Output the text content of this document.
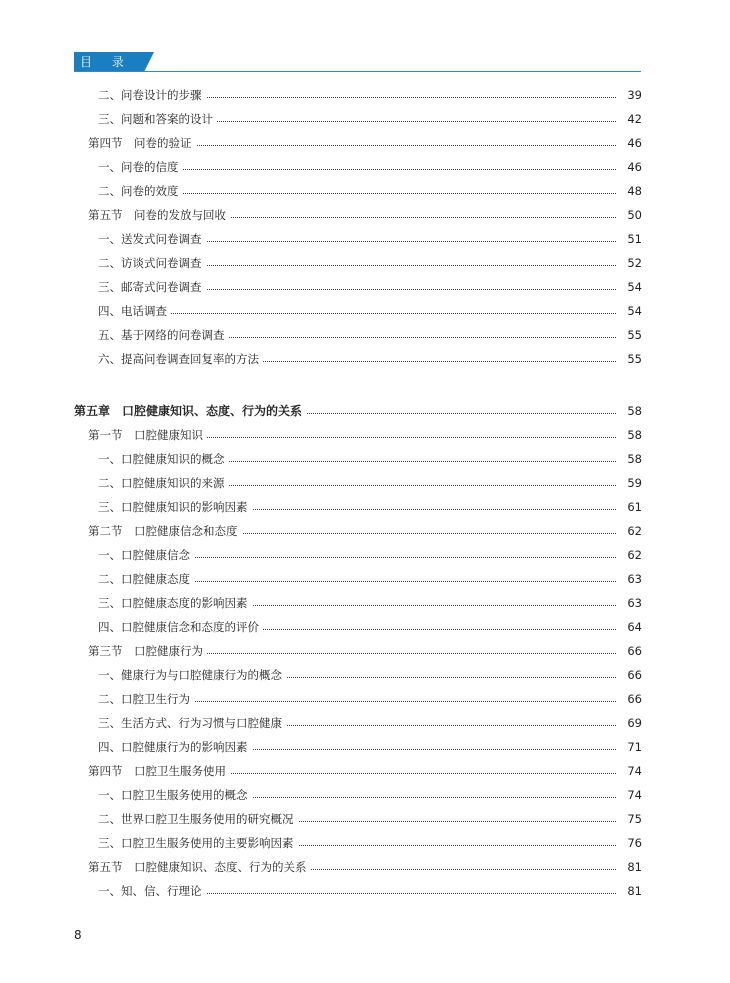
目 录
二、问卷设计的步骤	39
三、问题和答案的设计	42
第四节　问卷的验证	46
一、问卷的信度	46
二、问卷的效度	48
第五节　问卷的发放与回收	50
一、送发式问卷调查	51
二、访谈式问卷调查	52
三、邮寄式问卷调查	54
四、电话调查	54
五、基于网络的问卷调查	55
六、提高问卷调查回复率的方法	55
第五章　口腔健康知识、态度、行为的关系	58
第一节　口腔健康知识	58
一、口腔健康知识的概念	58
二、口腔健康知识的来源	59
三、口腔健康知识的影响因素	61
第二节　口腔健康信念和态度	62
一、口腔健康信念	62
二、口腔健康态度	63
三、口腔健康态度的影响因素	63
四、口腔健康信念和态度的评价	64
第三节　口腔健康行为	66
一、健康行为与口腔健康行为的概念	66
二、口腔卫生行为	66
三、生活方式、行为习惯与口腔健康	69
四、口腔健康行为的影响因素	71
第四节　口腔卫生服务使用	74
一、口腔卫生服务使用的概念	74
二、世界口腔卫生服务使用的研究概况	75
三、口腔卫生服务使用的主要影响因素	76
第五节　口腔健康知识、态度、行为的关系	81
一、知、信、行理论	81
8
